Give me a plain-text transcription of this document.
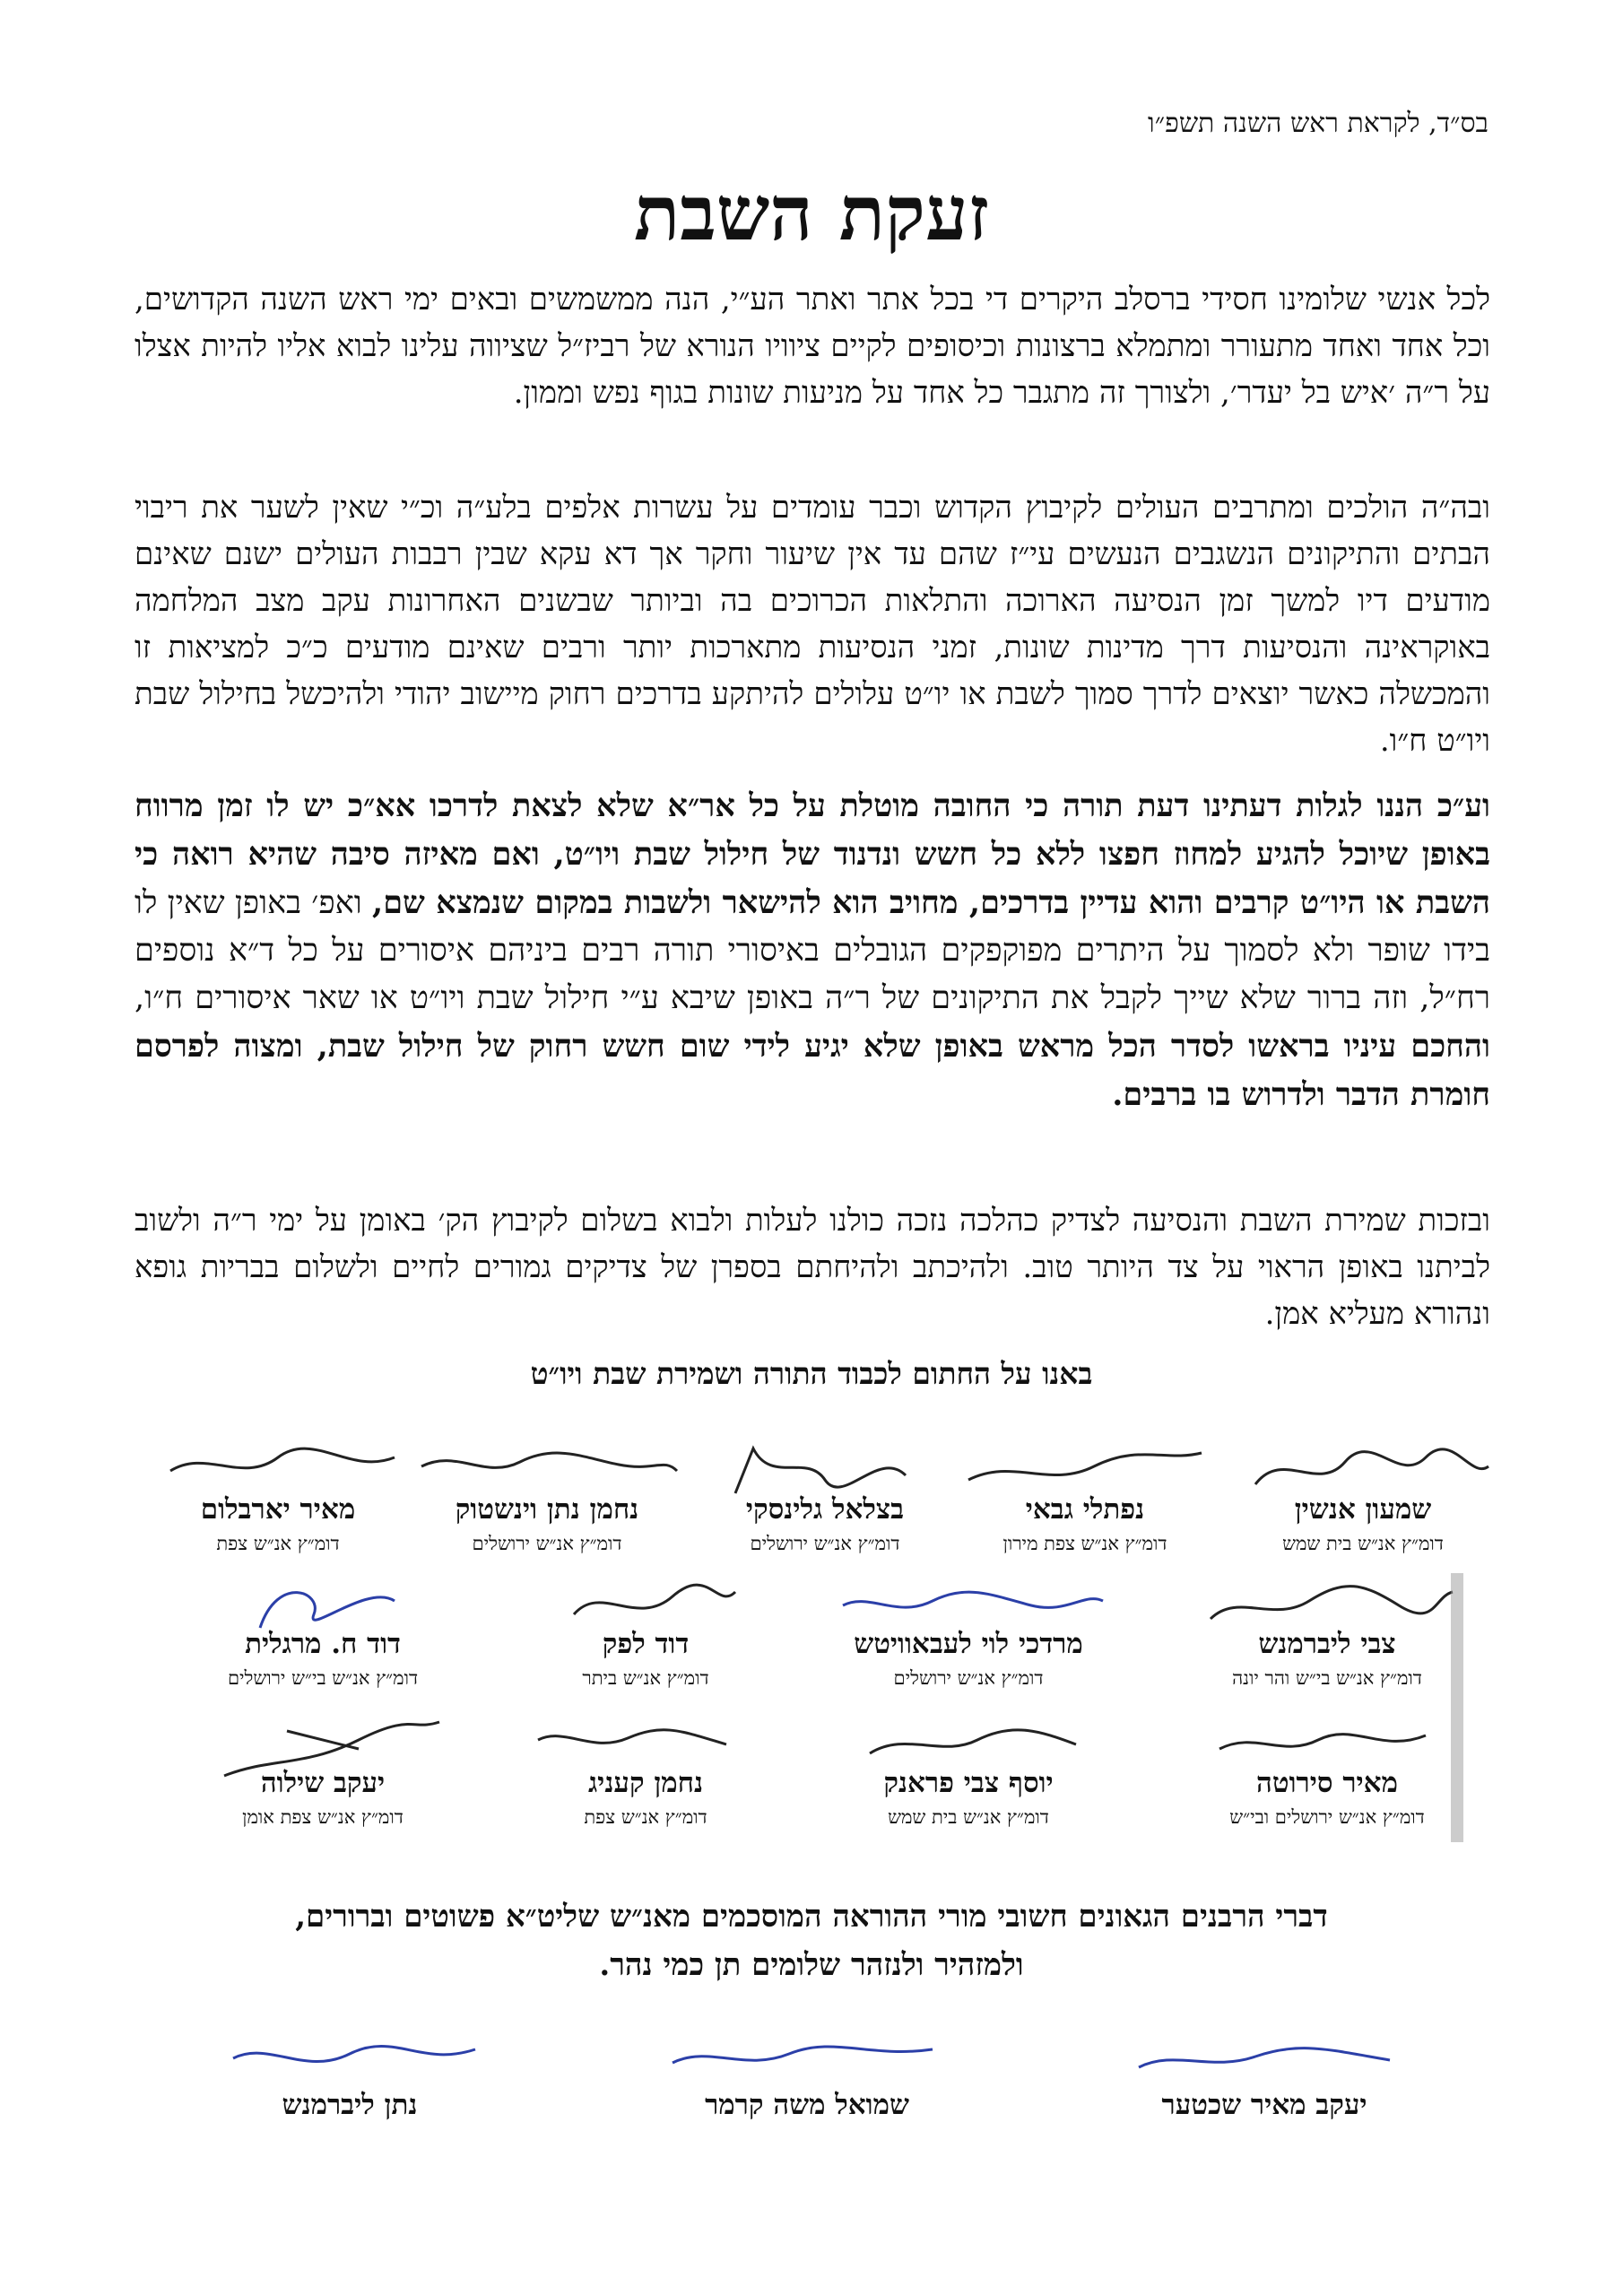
בס״ד, לקראת ראש השנה תשפ״ו
זעקת השבת

לכל אנשי שלומינו חסידי ברסלב היקרים די בכל אתר ואתר הע״י, הנה ממשמשים ובאים ימי ראש השנה הקדושים, וכל אחד ואחד מתעורר ומתמלא ברצונות וכיסופים לקיים ציוויו הנורא של רביז״ל שציווה עלינו לבוא אליו להיות אצלו על ר״ה ׳איש בל יעדר׳, ולצורך זה מתגבר כל אחד על מניעות שונות בגוף נפש וממון.

ובה״ה הולכים ומתרבים העולים לקיבוץ הקדוש וכבר עומדים על עשרות אלפים בלע״ה וכ״י שאין לשער את ריבוי הבתים והתיקונים הנשגבים הנעשים עי״ז שהם עד אין שיעור וחקר אך דא עקא שבין רבבות העולים ישנם שאינם מודעים דיו למשך זמן הנסיעה הארוכה והתלאות הכרוכים בה וביותר שבשנים האחרונות עקב מצב המלחמה באוקראינה והנסיעות דרך מדינות שונות, זמני הנסיעות מתארכות יותר ורבים שאינם מודעים כ״כ למציאות זו והמכשלה כאשר יוצאים לדרך סמוך לשבת או יו״ט עלולים להיתקע בדרכים רחוק מיישוב יהודי ולהיכשל בחילול שבת ויו״ט ח״ו.

וע״כ הננו לגלות דעתינו דעת תורה כי החובה מוטלת על כל אר״א שלא לצאת לדרכו אא״כ יש לו זמן מרווח באופן שיוכל להגיע למחוז חפצו ללא כל חשש ונדנוד של חילול שבת ויו״ט, ואם מאיזה סיבה שהיא רואה כי השבת או היו״ט קרבים והוא עדיין בדרכים, מחויב הוא להישאר ולשבות במקום שנמצא שם, ואפ׳ באופן שאין לו בידו שופר ולא לסמוך על היתרים מפוקפקים הגובלים באיסורי תורה רבים ביניהם איסורים על כל ד״א נוספים רח״ל, וזה ברור שלא שייך לקבל את התיקונים של ר״ה באופן שיבא ע״י חילול שבת ויו״ט או שאר איסורים ח״ו, והחכם עיניו בראשו לסדר הכל מראש באופן שלא יגיע לידי שום חשש רחוק של חילול שבת, ומצוה לפרסם חומרת הדבר ולדרוש בו ברבים.

ובזכות שמירת השבת והנסיעה לצדיק כהלכה נזכה כולנו לעלות ולבוא בשלום לקיבוץ הק׳ באומן על ימי ר״ה ולשוב לביתנו באופן הראוי על צד היותר טוב. ולהיכתב ולהיחתם בספרן של צדיקים גמורים לחיים ולשלום בבריות גופא ונהורא מעליא אמן.

באנו על החתום לכבוד התורה ושמירת שבת ויו״ט
שמעון אנשין
דומ״ץ אנ״ש בית שמש
נפתלי גבאי
דומ״ץ אנ״ש צפת מירון
בצלאל גלינסקי
דומ״ץ אנ״ש ירושלים
נחמן נתן וינשטוק
דומ״ץ אנ״ש ירושלים
מאיר יארבלום
דומ״ץ אנ״ש צפת
צבי ליברמנש
דומ״ץ אנ״ש בי״ש והר יונה
מרדכי לוי לעבאוויטש
דומ״ץ אנ״ש ירושלים
דוד לפק
דומ״ץ אנ״ש ביתר
דוד ח. מרגלית
דומ״ץ אנ״ש בי״ש ירושלים
מאיר סירוטה
דומ״ץ אנ״ש ירושלים ובי״ש
יוסף צבי פראנק
דומ״ץ אנ״ש בית שמש
נחמן קעניג
דומ״ץ אנ״ש צפת
יעקב שילוה
דומ״ץ אנ״ש צפת אומן
דברי הרבנים הגאונים חשובי מורי ההוראה המוסכמים מאנ״ש שליט״א פשוטים וברורים,
ולמזהיר ולנזהר שלומים תן כמי נהר.
יעקב מאיר שכטער
שמואל משה קרמר
נתן ליברמנש
